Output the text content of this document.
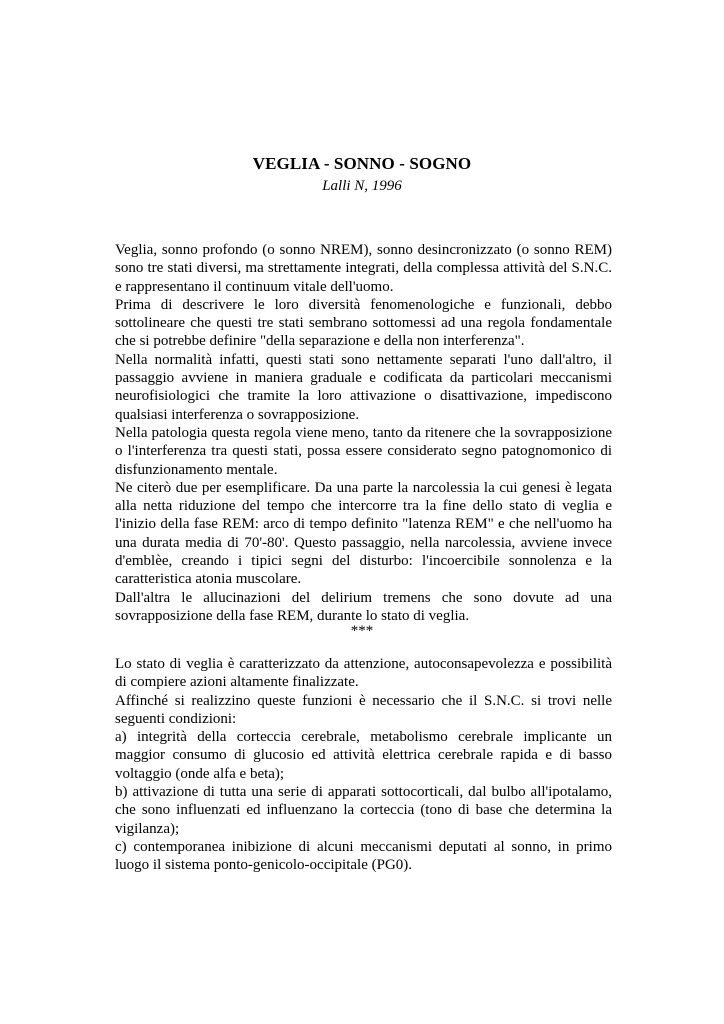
VEGLIA - SONNO - SOGNO
Lalli N, 1996

Veglia, sonno profondo (o sonno NREM), sonno desincronizzato (o sonno REM) sono tre stati diversi, ma strettamente integrati, della complessa attività del S.N.C. e rappresentano il continuum vitale dell'uomo.

Prima di descrivere le loro diversità fenomenologiche e funzionali, debbo sottolineare che questi tre stati sembrano sottomessi ad una regola fondamentale che si potrebbe definire "della separazione e della non interferenza".

Nella normalità infatti, questi stati sono nettamente separati l'uno dall'altro, il passaggio avviene in maniera graduale e codificata da particolari meccanismi neurofisiologici che tramite la loro attivazione o disattivazione, impediscono qualsiasi interferenza o sovrapposizione.

Nella patologia questa regola viene meno, tanto da ritenere che la sovrapposizione o l'interferenza tra questi stati, possa essere considerato segno patognomonico di disfunzionamento mentale.

Ne citerò due per esemplificare. Da una parte la narcolessia la cui genesi è legata alla netta riduzione del tempo che intercorre tra la fine dello stato di veglia e l'inizio della fase REM: arco di tempo definito "latenza REM" e che nell'uomo ha una durata media di 70'-80'. Questo passaggio, nella narcolessia, avviene invece d'emblèe, creando i tipici segni del disturbo: l'incoercibile sonnolenza e la caratteristica atonia muscolare.

Dall'altra le allucinazioni del delirium tremens che sono dovute ad una sovrapposizione della fase REM, durante lo stato di veglia.

***

Lo stato di veglia è caratterizzato da attenzione, autoconsapevolezza e possibilità di compiere azioni altamente finalizzate.

Affinché si realizzino queste funzioni è necessario che il S.N.C. si trovi nelle seguenti condizioni:

a) integrità della corteccia cerebrale, metabolismo cerebrale implicante un maggior consumo di glucosio ed attività elettrica cerebrale rapida e di basso voltaggio (onde alfa e beta);

b) attivazione di tutta una serie di apparati sottocorticali, dal bulbo all'ipotalamo, che sono influenzati ed influenzano la corteccia (tono di base che determina la vigilanza);

c) contemporanea inibizione di alcuni meccanismi deputati al sonno, in primo luogo il sistema ponto-genicolo-occipitale (PG0).
